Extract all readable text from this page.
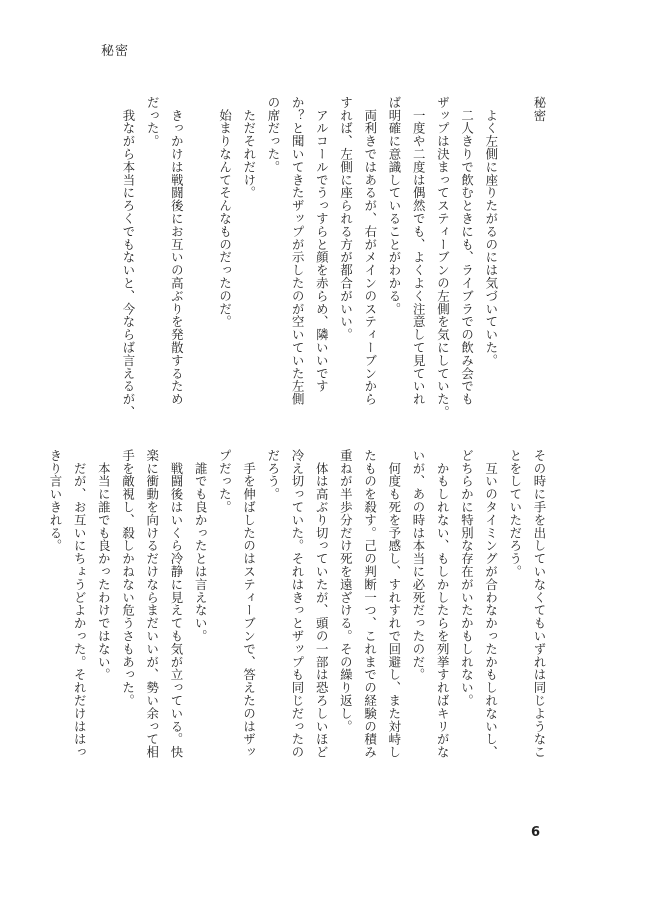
秘密

秘密

　よく左側に座りたがるのには気づいていた。

　二人きりで飲むときにも、ライブラでの飲み会でも

ザップは決まってスティーブンの左側を気にしていた。

　一度や二度は偶然でも、よくよく注意して見ていれ

ば明確に意識していることがわかる。

　両利きではあるが、右がメインのスティーブンから

すれば、左側に座られる方が都合がいい。

　アルコールでうっすらと顔を赤らめ、隣いいです

か？と聞いてきたザップが示したのが空いていた左側

の席だった。

　ただそれだけ。

　始まりなんてそんなものだったのだ。

　きっかけは戦闘後にお互いの高ぶりを発散するため

だった。

　我ながら本当にろくでもないと、今ならば言えるが、

その時に手を出していなくてもいずれは同じようなこ

とをしていただろう。

　互いのタイミングが合わなかったかもしれないし、

どちらかに特別な存在がいたかもしれない。

　かもしれない、もしかしたらを列挙すればキリがな

いが、あの時は本当に必死だったのだ。

　何度も死を予感し、すれすれで回避し、また対峙し

たものを殺す。己の判断一つ、これまでの経験の積み

重ねが半歩分だけ死を遠ざける。その繰り返し。

　体は高ぶり切っていたが、頭の一部は恐ろしいほど

冷え切っていた。それはきっとザップも同じだったの

だろう。

　手を伸ばしたのはスティーブンで、答えたのはザッ

プだった。

　誰でも良かったとは言えない。

　戦闘後はいくら冷静に見えても気が立っている。快

楽に衝動を向けるだけならまだいいが、勢い余って相

手を敵視し、殺しかねない危うさもあった。

　本当に誰でも良かったわけではない。

　だが、お互いにちょうどよかった。それだけははっ

きり言いきれる。

6
